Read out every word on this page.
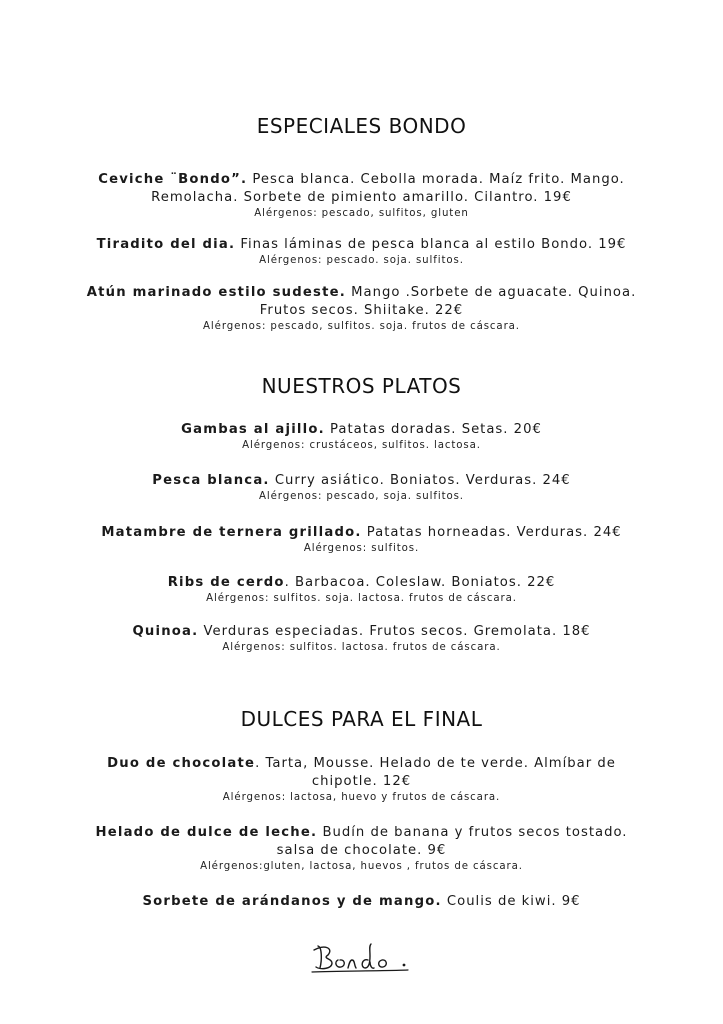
ESPECIALES BONDO
Ceviche ¨Bondo”. Pesca blanca. Cebolla morada. Maíz frito. Mango.
Remolacha. Sorbete de pimiento amarillo. Cilantro. 19€
Alérgenos: pescado, sulfitos, gluten
Tiradito del dia. Finas láminas de pesca blanca al estilo Bondo. 19€
Alérgenos: pescado. soja. sulfitos.
Atún marinado estilo sudeste. Mango .Sorbete de aguacate. Quinoa.
Frutos secos. Shiitake. 22€
Alérgenos: pescado, sulfitos. soja. frutos de cáscara.
NUESTROS PLATOS
Gambas al ajillo. Patatas doradas. Setas. 20€
Alérgenos: crustáceos, sulfitos. lactosa.
Pesca blanca. Curry asiático. Boniatos. Verduras. 24€
Alérgenos: pescado, soja. sulfitos.
Matambre de ternera grillado. Patatas horneadas. Verduras. 24€
Alérgenos: sulfitos.
Ribs de cerdo. Barbacoa. Coleslaw. Boniatos. 22€
Alérgenos: sulfitos. soja. lactosa. frutos de cáscara.
Quinoa. Verduras especiadas. Frutos secos. Gremolata. 18€
Alérgenos: sulfitos. lactosa. frutos de cáscara.
DULCES PARA EL FINAL
Duo de chocolate. Tarta, Mousse. Helado de te verde. Almíbar de
chipotle. 12€
Alérgenos: lactosa, huevo y frutos de cáscara.
Helado de dulce de leche. Budín de banana y frutos secos tostado.
salsa de chocolate. 9€
Alérgenos:gluten, lactosa, huevos , frutos de cáscara.
Sorbete de arándanos y de mango. Coulis de kiwi. 9€
